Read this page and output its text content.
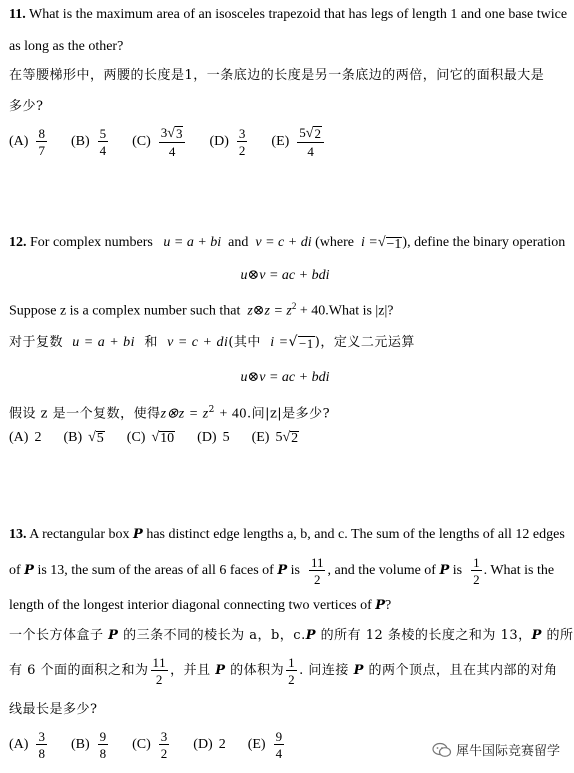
11. What is the maximum area of an isosceles trapezoid that has legs of length 1 and one base twice
as long as the other?
在等腰梯形中，两腰的长度是1，一条底边的长度是另一条底边的两倍，问它的面积最大是
多少?
$(A) \frac{8}{7} (B) \frac{5}{4} (C) \frac{3 √ 3}{4} (D) \frac{3}{2} (E) \frac{5 √ 2}{4}$
12. For complex numbers u = a + bi and v = c + di (where i = √ −1 ), define the binary operation
u⊗v = ac + bdi
Suppose z is a complex number such that z⊗z = $z^2$ + 40.What is |z|?
对于复数 u = a + bi 和 v = c + di(其中 i = √ −1 )，定义二元运算
u⊗v = ac + bdi
假设 z 是一个复数，使得z⊗z = $z^2 + 40$.问|z|是多少?
(A) 2 (B) √ 5 (C) √ 10 (D) 5 (E) 5 √ 2
13. A rectangular box P has distinct edge lengths a, b, and c. The sum of the lengths of all 12 edges
of
P
is 13, the sum of the areas of all 6 faces of
P
is
$\frac{11}{2}$ , and the volume of
P
is
$\frac{1}{2}$ . What is the
length of the longest interior diagonal connecting two vertices of P?
一个长方体盒子 P 的三条不同的棱长为 a，b，c.P 的所有 12 条棱的长度之和为 13，P 的所
有 6 个面的面积之和为 $\frac{11}{2}$ ，并且
P
的体积为 $\frac{1}{2}$ . 问连接
P
的两个顶点，且在其内部的对角
线最长是多少?
$(A) \frac{3}{8} (B) \frac{9}{8} (C) \frac{3}{2} (D)$ 2 $(E) \frac{9}{4}$	犀牛国际竞赛留学
